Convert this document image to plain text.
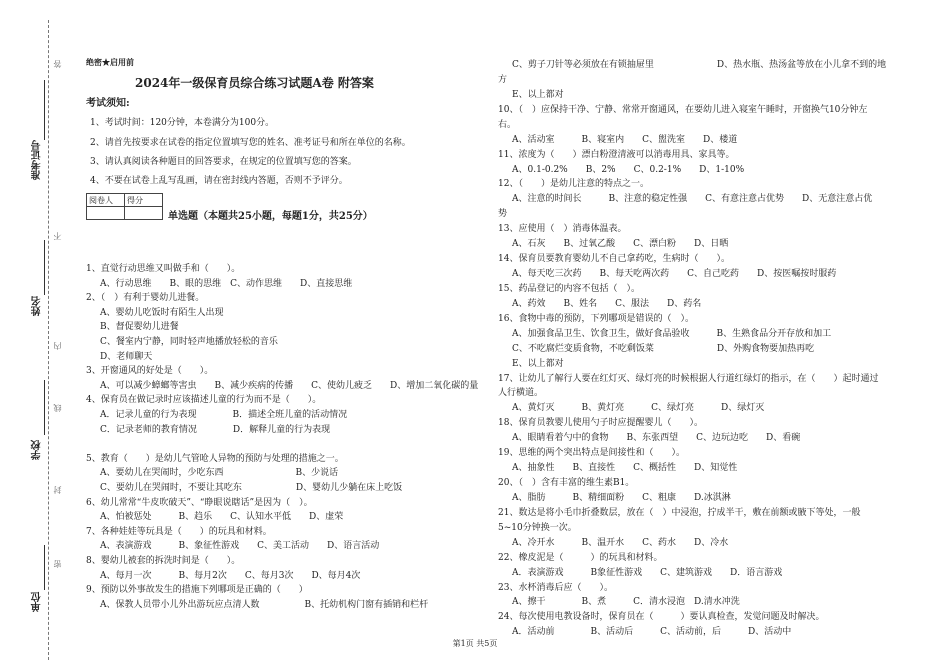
准考证号
姓名
学校
单位
答
不
内
线
封
密
绝密★启用前
2024年一级保育员综合练习试题A卷 附答案
考试须知:
1、考试时间：120分钟，本卷满分为100分。
2、请首先按要求在试卷的指定位置填写您的姓名、准考证号和所在单位的名称。
3、请认真阅读各种题目的回答要求，在规定的位置填写您的答案。
4、不要在试卷上乱写乱画，请在密封线内答题，否则不予评分。
阅卷人	得分

单选题（本题共25小题，每题1分，共25分）
1、直觉行动思维又叫做手和（　　）。
A、行动思维　　B、眼的思维　C、动作思维　　D、直接思维
2、（　）有利于婴幼儿进餐。
A、婴幼儿吃饭时有陌生人出现
B、督促婴幼儿进餐
C、餐室内宁静，同时轻声地播放轻松的音乐
D、老师聊天
3、开窗通风的好处是（　　）。
A、可以减少蟑螂等害虫　　B、减少疾病的传播　　C、使幼儿疲乏　　D、增加二氧化碳的量
4、保育员在做记录时应该描述儿童的行为而不是（　　）。
A．记录儿童的行为表现　　　　B．描述全班儿童的活动情况
C．记录老师的教育情况　　　　D．解释儿童的行为表现
5、教育（　　）是幼儿气管呛人异物的预防与处理的措施之一。
A、要幼儿在哭闹时，少吃东西　　　　　　　　B、少说话
C、要幼儿在哭闹时，不要让其吃东　　　　　　D、婴幼儿少躺在床上吃饭
6、幼儿常常“牛皮吹破天”、“睁眼说瞎话”是因为（　）。
A、怕被惩处　　　B、趋乐　　C、认知水平低　　D、虚荣
7、各种娃娃等玩具是（　　）的玩具和材料。
A、表演游戏　　　B、象征性游戏　　C、美工活动　　D、语言活动
8、婴幼儿被套的拆洗时间是（　　）。
A、每月一次　　　B、每月2次　　C、每月3次　　D、每月4次
9、预防以外事故发生的措施下列哪项是正确的（　　）
A、保教人员带小儿外出游玩应点清人数　　　　　B、托幼机构门窗有插销和栏杆
C、剪子刀针等必须放在有锁抽屉里　　　　　　　D、热水瓶、热汤盆等放在小儿拿不到的地
方
E、以上都对
10、（　）应保持干净、宁静、常常开窗通风，在要幼儿进入寝室午睡时，开窗换气10分钟左
右。
A、活动室　　　B、寝室内　　C、盥洗室　　D、楼道
11、浓度为（　　）漂白粉澄清液可以消毒用具、家具等。
A、0.1-0.2%　　B、2%　　C、0.2-1%　　D、1-10%
12、（　　）是幼儿注意的特点之一。
A、注意的时间长　　　B、注意的稳定性强　　C、有意注意占优势　　D、无意注意占优
势
13、应使用（　）消毒体温表。
A、石灰　　B、过氧乙酸　　C、漂白粉　　D、日晒
14、保育员要教育婴幼儿不自己拿药吃，生病时（　　）。
A、每天吃三次药　　B、每天吃两次药　　C、自己吃药　　D、按医嘱按时服药
15、药品登记的内容不包括（　）。
A、药效　　B、姓名　　C、服法　　D、药名
16、食物中毒的预防，下列哪项是错误的（　）。
A、加强食品卫生、饮食卫生，做好食品验收　　　B、生熟食品分开存放和加工
C、不吃腐烂变质食物，不吃剩饭菜　　　　　　　D、外购食物要加热再吃
E、以上都对
17、让幼儿了解行人要在红灯灭、绿灯亮的时候根据人行道红绿灯的指示，在（　　）起时通过
人行横道。
A、黄灯灭　　　B、黄灯亮　　　C、绿灯亮　　　D、绿灯灭
18、保育员教婴儿使用勺子时应提醒婴儿（　　）。
A、眼睛看着勺中的食物　　B、东张西望　　C、边玩边吃　　D、看碗
19、思维的两个突出特点是间接性和（　　）。
A、抽象性　　B、直接性　　C、概括性　　D、知觉性
20、（　）含有丰富的维生素B1。
A、脂肪　　　B、精细面粉　　C、粗康　　D.冰淇淋
21、数达是将小毛巾折叠数层，放在（　）中浸泡，拧成半干，敷在前额或腋下等处，一般
5~10分钟换一次。
A、冷开水　　　B、温开水　　C、药水　　D、冷水
22、橡皮泥是（　　　）的玩具和材料。
A．表演游戏　　　B象征性游戏　　C、建筑游戏　　D．语言游戏
23、水杯消毒后应（　　）。
A、擦干　　　　B、煮　　　C．清水浸泡　D.清水冲洗
24、每次使用电教设备时，保育员在（　　　）要认真检查，发觉问题及时解决。
A．活动前　　　　B、活动后　　　C、活动前，后　　　D、活动中
第1页 共5页
